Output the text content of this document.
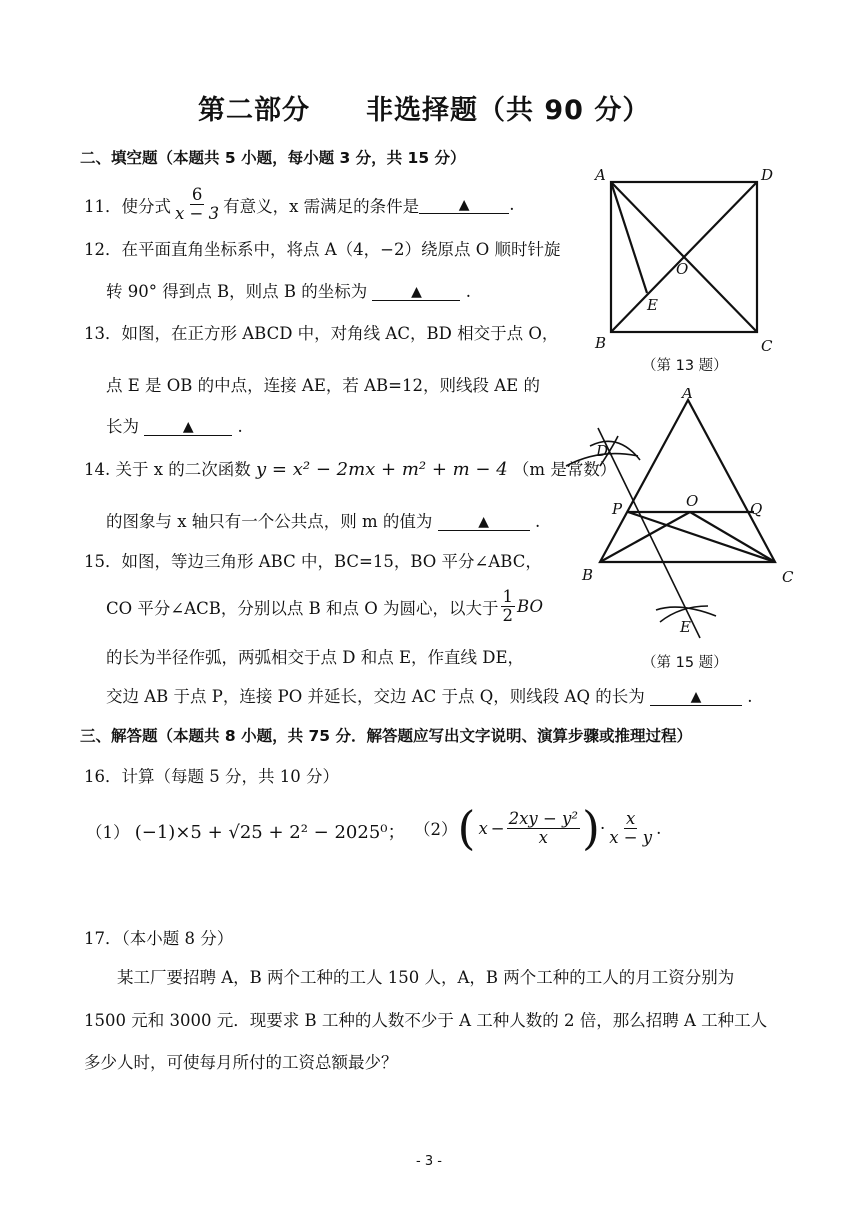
第二部分　　非选择题（共 90 分）
二、填空题（本题共 5 小题，每小题 3 分，共 15 分）
11．使分式 $\frac{6}{x - 3}$ 有意义，x 需满足的条件是	▲	.
12．在平面直角坐标系中，将点 A（4，−2）绕原点 O 顺时针旋
转 90° 得到点 B，则点 B 的坐标为	▲	.
13．如图，在正方形 ABCD 中，对角线 AC，BD 相交于点 O，
点 E 是 OB 的中点，连接 AE，若 AB=12，则线段 AE 的
长为	▲	.
14. 关于 x 的二次函数 y = x² − 2mx + m² + m − 4 （m 是常数）
的图象与 x 轴只有一个公共点，则 m 的值为	▲	.
15．如图，等边三角形 ABC 中，BC=15，BO 平分∠ABC，
CO 平分∠ACB，分别以点 B 和点 O 为圆心，以大于 $\frac{1}{2}$ BO
的长为半径作弧，两弧相交于点 D 和点 E，作直线 DE，
交边 AB 于点 P，连接 PO 并延长，交边 AC 于点 Q，则线段 AQ 的长为	▲	.
A	D
B	C
O
E
（第 13 题）
A
B	C
D
E
O
P	Q
（第 15 题）
三、解答题（本题共 8 小题，共 75 分．解答题应写出文字说明、演算步骤或推理过程）
16．计算（每题 5 分，共 10 分）
（1） (−1)×5 + √25 + 2² − 2025⁰； （2） ( $x - \frac{\text{2xy − y²}}{x}$ ) · $\frac{x}{x - y}$ .
17．（本小题 8 分）
　　某工厂要招聘 A，B 两个工种的工人 150 人，A，B 两个工种的工人的月工资分别为
1500 元和 3000 元．现要求 B 工种的人数不少于 A 工种人数的 2 倍，那么招聘 A 工种工人
多少人时，可使每月所付的工资总额最少？
- 3 -
